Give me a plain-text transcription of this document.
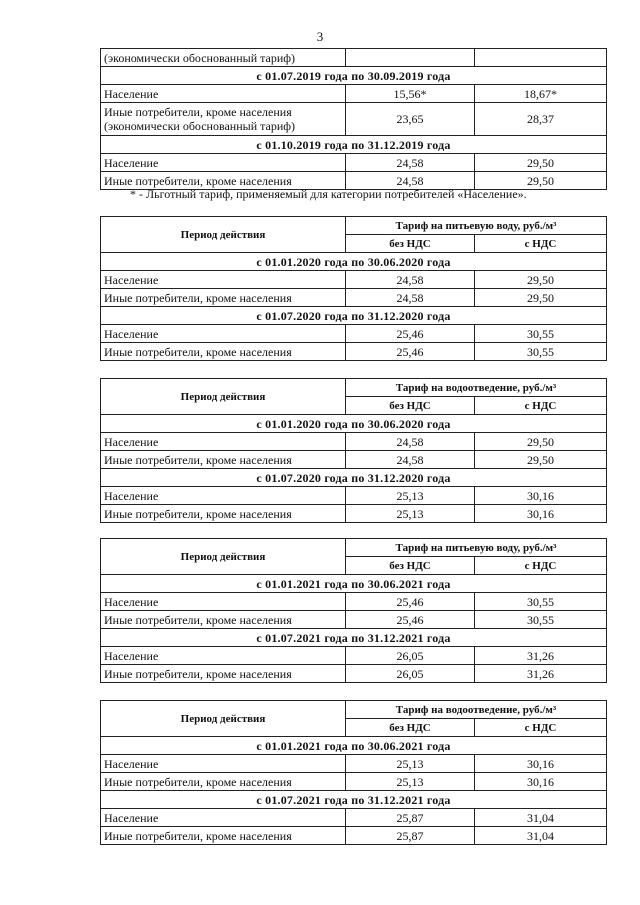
3
(экономически обоснованный тариф)		
с 01.07.2019 года по 30.09.2019 года		
Население	15,56*	18,67*
Иные потребители, кроме населения (экономически обоснованный тариф)	23,65	28,37
с 01.10.2019 года по 31.12.2019 года		
Население	24,58	29,50
Иные потребители, кроме населения	24,58	29,50
* - Льготный тариф, применяемый для категории потребителей «Население».
Период действия	Тариф на питьевую воду, руб./м³	
	без НДС	с НДС
с 01.01.2020 года по 30.06.2020 года		
Население	24,58	29,50
Иные потребители, кроме населения	24,58	29,50
с 01.07.2020 года по 31.12.2020 года		
Население	25,46	30,55
Иные потребители, кроме населения	25,46	30,55
Период действия	Тариф на водоотведение, руб./м³	
	без НДС	с НДС
с 01.01.2020 года по 30.06.2020 года		
Население	24,58	29,50
Иные потребители, кроме населения	24,58	29,50
с 01.07.2020 года по 31.12.2020 года		
Население	25,13	30,16
Иные потребители, кроме населения	25,13	30,16
Период действия	Тариф на питьевую воду, руб./м³	
	без НДС	с НДС
с 01.01.2021 года по 30.06.2021 года		
Население	25,46	30,55
Иные потребители, кроме населения	25,46	30,55
с 01.07.2021 года по 31.12.2021 года		
Население	26,05	31,26
Иные потребители, кроме населения	26,05	31,26
Период действия	Тариф на водоотведение, руб./м³	
	без НДС	с НДС
с 01.01.2021 года по 30.06.2021 года		
Население	25,13	30,16
Иные потребители, кроме населения	25,13	30,16
с 01.07.2021 года по 31.12.2021 года		
Население	25,87	31,04
Иные потребители, кроме населения	25,87	31,04
